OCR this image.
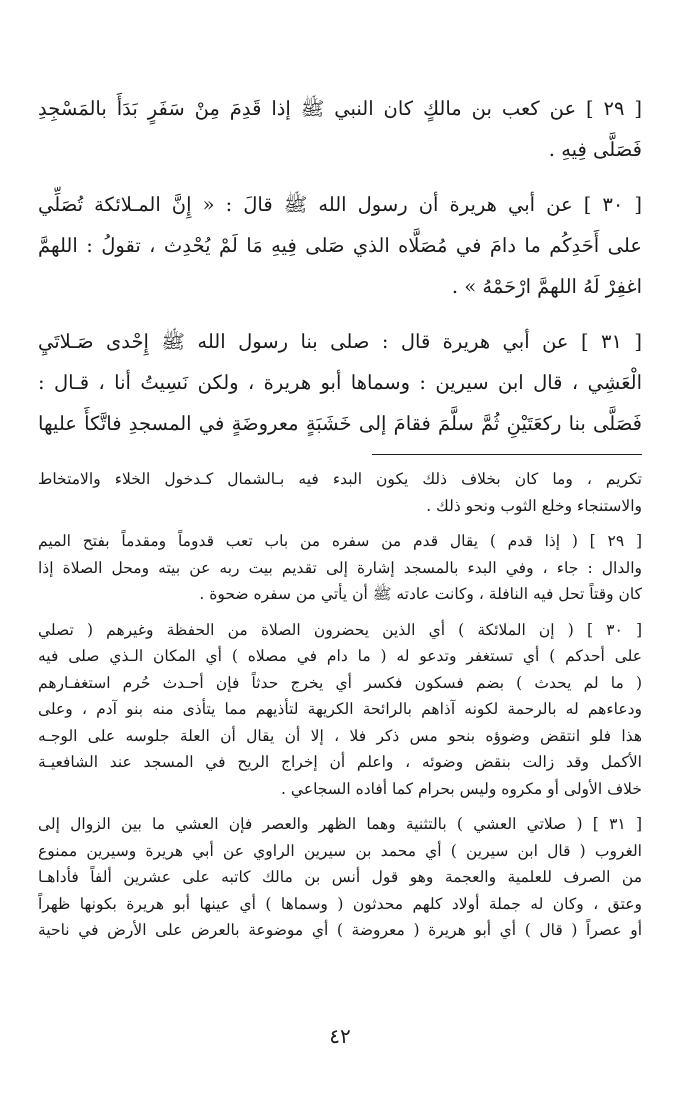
[ ٢٩ ] عن كعب بن مالكٍ كان النبي ﷺ إذا قَدِمَ مِنْ سَفَرٍ بَدَأَ بالمَسْجِدِ
فَصَلَّى فِيهِ .

[ ٣٠ ] عن أبي هريرة أن رسول الله ﷺ قالَ : « إِنَّ المـلائكة تُصَلِّي
على أَحَدِكُم ما دامَ في مُصَلَّاه الذي صَلى فِيهِ مَا لَمْ يُحْدِث ، تقولُ : اللهمَّ
اغفِرْ لَهُ اللهمَّ ارْحَمْهُ » .

[ ٣١ ] عن أبي هريرة قال : صلى بنا رسول الله ﷺ إِحْدى صَـلاتَيِ
الْعَشِي ، قال ابن سيرين : وسماها أبو هريرة ، ولكن نَسِيتُ أنا ، قـال :
فَصَلَّى بنا ركعَتَيْنِ ثُمَّ سلَّمَ فقامَ إلى خَشَبَةٍ معروضَةٍ في المسجدِ فاتَّكأَ عليها

تكريم ، وما كان بخلاف ذلك يكون البدء فيه بـالشمال كـدخول الخلاء والامتخاط
والاستنجاء وخلع الثوب ونحو ذلك .

[ ٢٩ ] ( إذا قدم ) يقال قدم من سفره من باب تعب قدوماً ومقدماً بفتح الميم
والدال : جاء ، وفي البدء بالمسجد إشارة إلى تقديم بيت ربه عن بيته ومحل الصلاة إذا
كان وقتاً تحل فيه النافلة ، وكانت عادته ﷺ أن يأتي من سفره ضحوة .

[ ٣٠ ] ( إن الملائكة ) أي الذين يحضرون الصلاة من الحفظة وغيرهم ( تصلي
على أحدكم ) أي تستغفر وتدعو له ( ما دام في مصلاه ) أي المكان الـذي صلى فيه
( ما لم يحدث ) بضم فسكون فكسر أي يخرج حدثاً فإن أحـدث حُرم استغفـارهم
ودعاءهم له بالرحمة لكونه آذاهم بالرائحة الكريهة لتأذيهم مما يتأذى منه بنو آدم ، وعلى
هذا فلو انتقض وضوؤه بنحو مس ذكر فلا ، إلا أن يقال أن العلة جلوسه على الوجـه
الأكمل وقد زالت بنقض وضوئه ، واعلم أن إخراج الريح في المسجد عند الشافعيـة
خلاف الأولى أو مكروه وليس بحرام كما أفاده السجاعي .

[ ٣١ ] ( صلاتي العشي ) بالتثنية وهما الظهر والعصر فإن العشي ما بين الزوال إلى
الغروب ( قال ابن سيرين ) أي محمد بن سيرين الراوي عن أبي هريرة وسيرين ممنوع
من الصرف للعلمية والعجمة وهو قول أنس بن مالك كاتبه على عشرين ألفاً فأداهـا
وعتق ، وكان له جملة أولاد كلهم محدثون ( وسماها ) أي عينها أبو هريرة بكونها ظهراً
أو عصراً ( قال ) أي أبو هريرة ( معروضة ) أي موضوعة بالعرض على الأرض في ناحية

٤٢
